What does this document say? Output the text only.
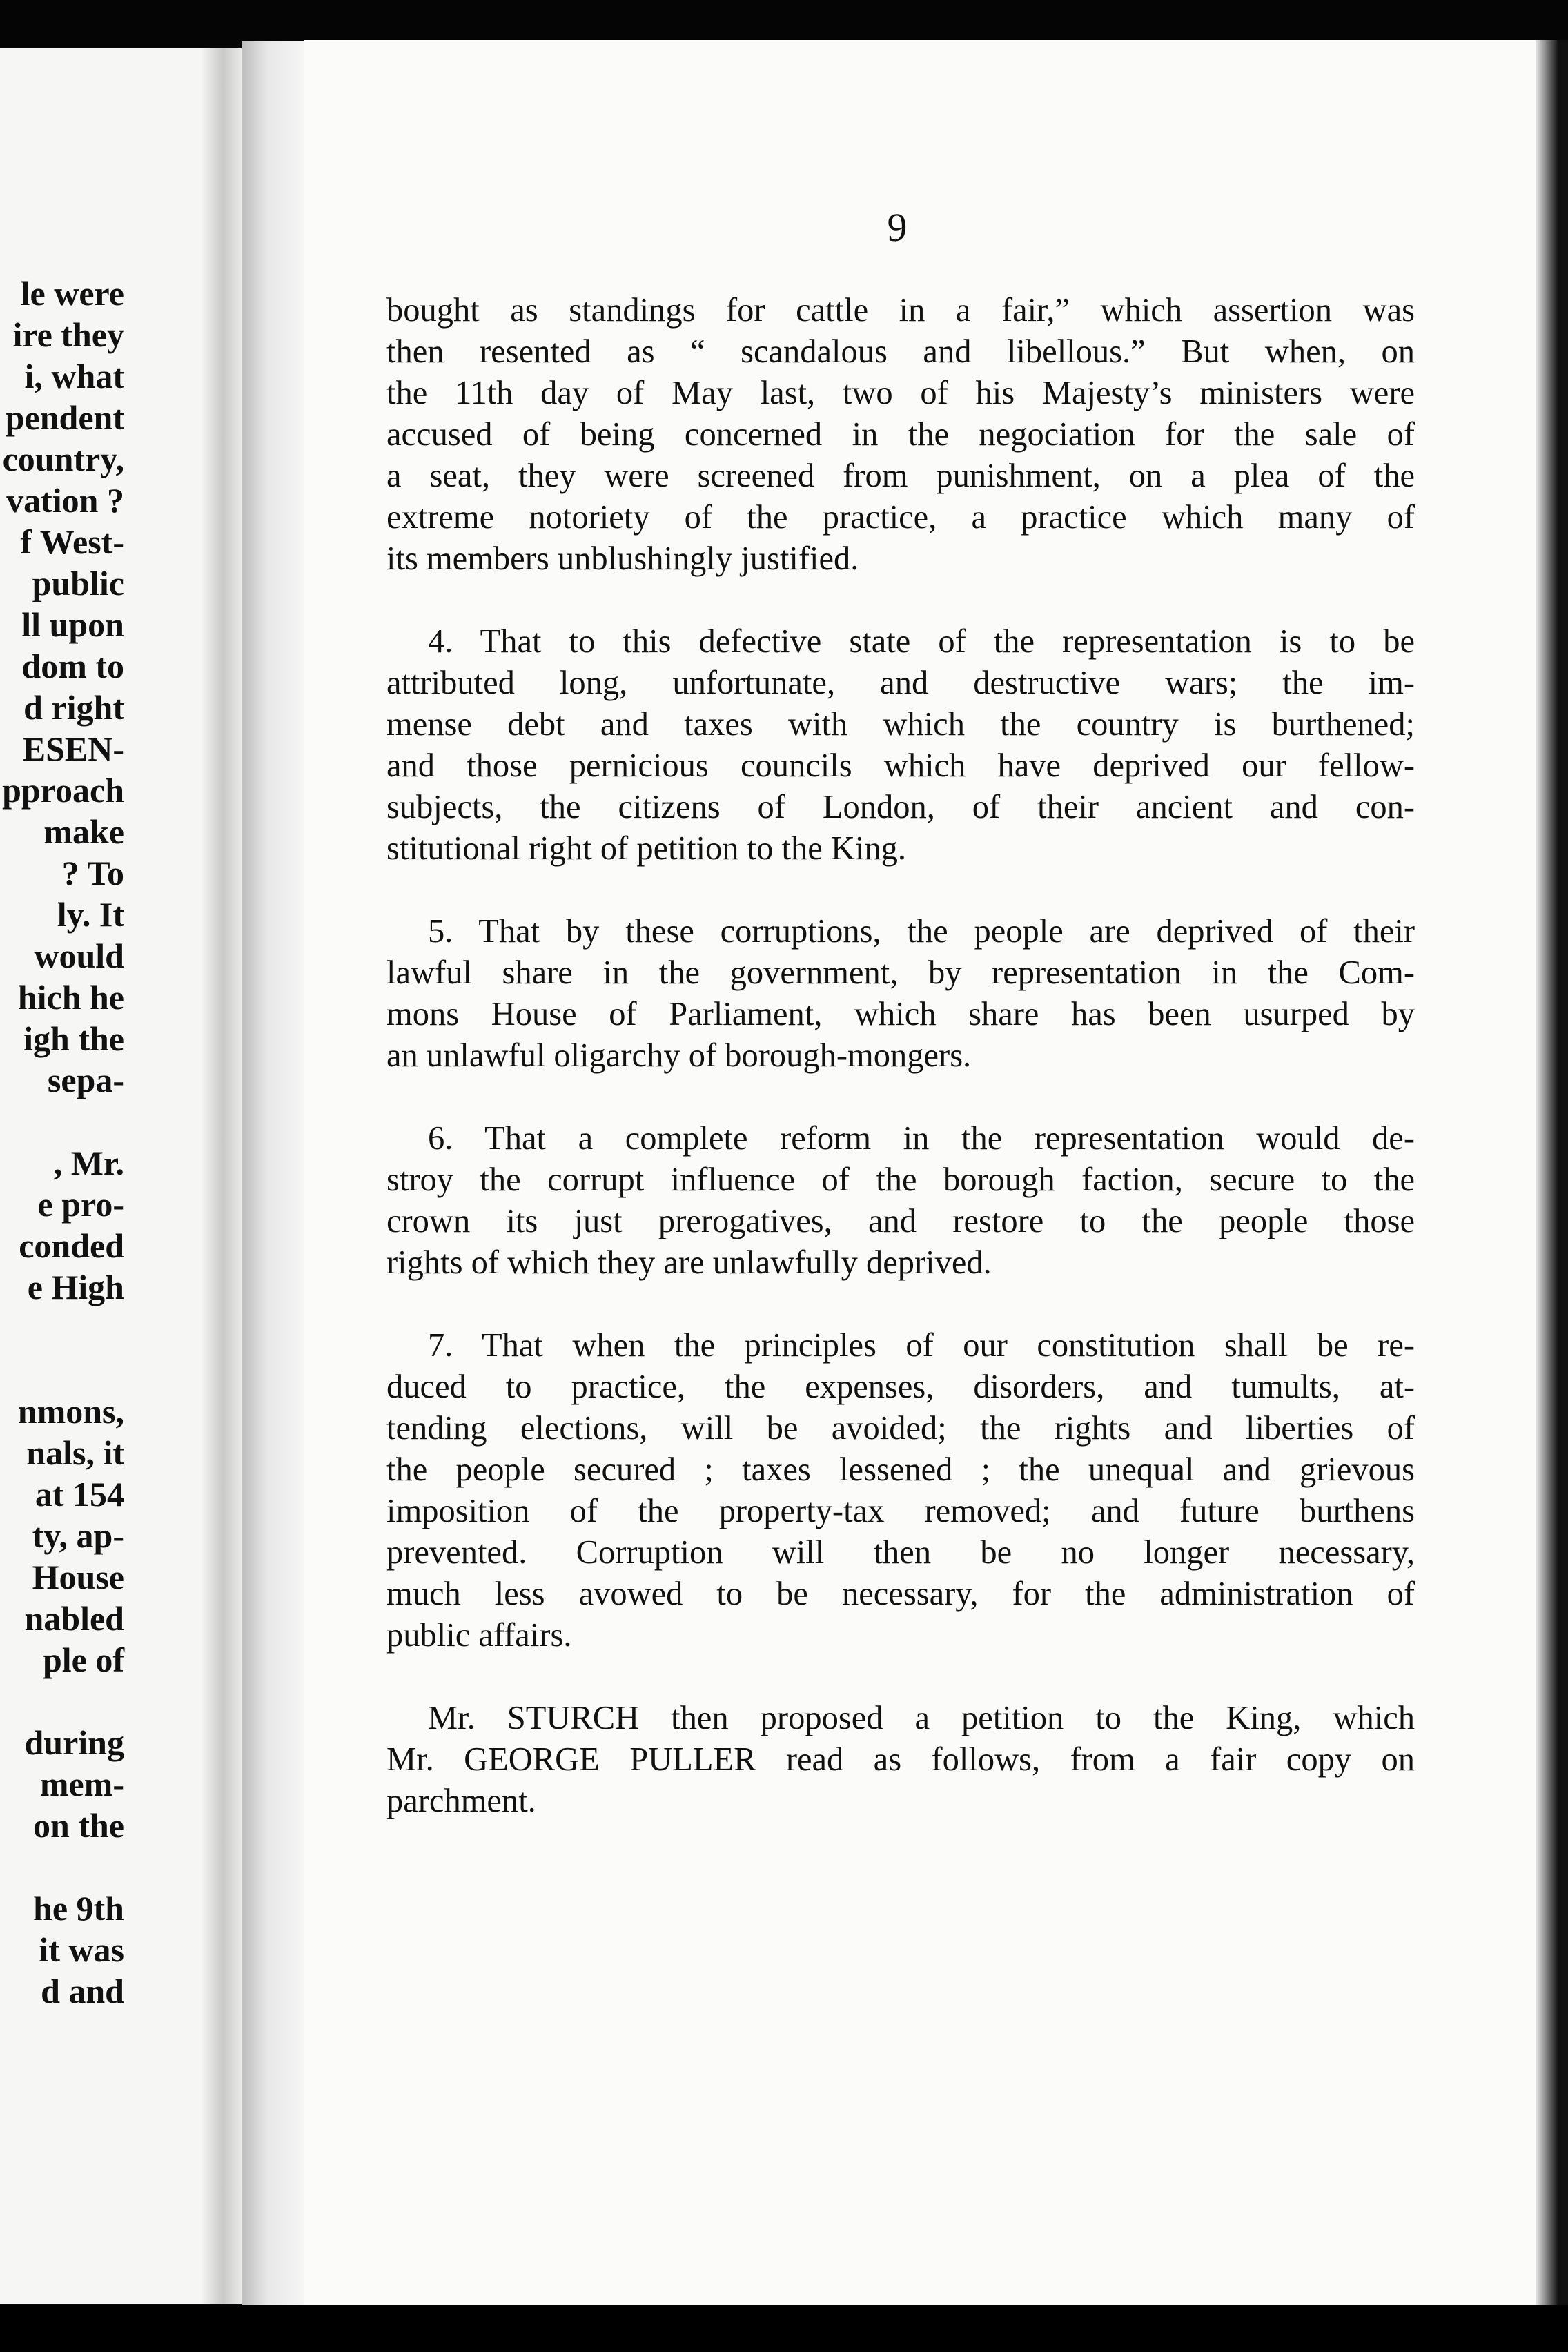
le were
ire they
i, what
pendent
country,
vation ?
f West-
public
ll upon
dom to
d right
ESEN-
pproach
make
? To
ly. It
would
hich he
igh the
sepa-
, Mr.
e pro-
conded
e High
nmons,
nals, it
at 154
ty, ap-
House
nabled
ple of
during
mem-
on the
he 9th
it was
d and
9
bought as standings for cattle in a fair,” which assertion was
then resented as “ scandalous and libellous.” But when, on
the 11th day of May last, two of his Majesty’s ministers were
accused of being concerned in the negociation for the sale of
a seat, they were screened from punishment, on a plea of the
extreme notoriety of the practice, a practice which many of
its members unblushingly justified.
4. That to this defective state of the representation is to be
attributed long, unfortunate, and destructive wars; the im-
mense debt and taxes with which the country is burthened;
and those pernicious councils which have deprived our fellow-
subjects, the citizens of London, of their ancient and con-
stitutional right of petition to the King.
5. That by these corruptions, the people are deprived of their
lawful share in the government, by representation in the Com-
mons House of Parliament, which share has been usurped by
an unlawful oligarchy of borough-mongers.
6. That a complete reform in the representation would de-
stroy the corrupt influence of the borough faction, secure to the
crown its just prerogatives, and restore to the people those
rights of which they are unlawfully deprived.
7. That when the principles of our constitution shall be re-
duced to practice, the expenses, disorders, and tumults, at-
tending elections, will be avoided; the rights and liberties of
the people secured ; taxes lessened ; the unequal and grievous
imposition of the property-tax removed; and future burthens
prevented. Corruption will then be no longer necessary,
much less avowed to be necessary, for the administration of
public affairs.
Mr. STURCH then proposed a petition to the King, which
Mr. GEORGE PULLER read as follows, from a fair copy on
parchment.
